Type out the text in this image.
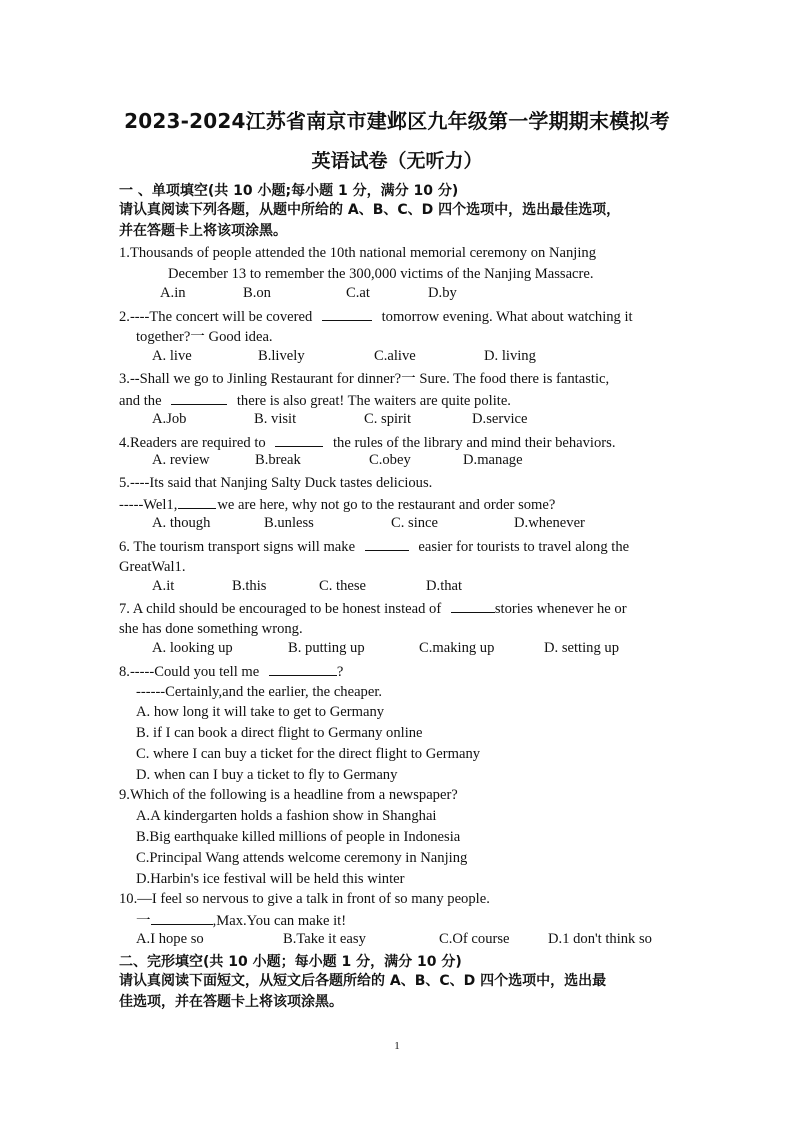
2023-2024江苏省南京市建邺区九年级第一学期期末模拟考
英语试卷（无听力）
一 、单项填空(共 10 小题;每小题 1 分，满分 10 分)
请认真阅读下列各题，从题中所给的 A、B、C、D 四个选项中，选出最佳选项，
并在答题卡上将该项涂黑。
1.Thousands of people attended the 10th national memorial ceremony on Nanjing
December 13 to remember the 300,000 victims of the Nanjing Massacre.
A.in	B.on	C.at	D.by
2.----The concert will be covered	tomorrow evening. What about watching it
together?一 Good idea.
A. live	B.lively	C.alive	D. living
3.--Shall we go to Jinling Restaurant for dinner?一 Sure. The food there is fantastic,
and the	there is also great! The waiters are quite polite.
A.Job	B. visit	C. spirit	D.service
4.Readers are required to	the rules of the library and mind their behaviors.
A. review	B.break	C.obey	D.manage
5.----Its said that Nanjing Salty Duck tastes delicious.
-----Wel1,	we are here, why not go to the restaurant and order some?
A. though	B.unless	C. since	D.whenever
6. The tourism transport signs will make	easier for tourists to travel along the
GreatWal1.
A.it	B.this	C. these	D.that
7. A child should be encouraged to be honest instead of	stories whenever he or
she has done something wrong.
A. looking up	B. putting up	C.making up	D. setting up
8.-----Could you tell me	?
------Certainly,and the earlier, the cheaper.
A. how long it will take to get to Germany
B. if I can book a direct flight to Germany online
C. where I can buy a ticket for the direct flight to Germany
D. when can I buy a ticket to fly to Germany
9.Which of the following is a headline from a newspaper?
A.A kindergarten holds a fashion show in Shanghai
B.Big earthquake killed millions of people in Indonesia
C.Principal Wang attends welcome ceremony in Nanjing
D.Harbin's ice festival will be held this winter
10.—I feel so nervous to give a talk in front of so many people.
一	,Max.You can make it!
A.I hope so	B.Take it easy	C.Of course	D.1 don't think so
二、完形填空(共 10 小题；每小题 1 分，满分 10 分)
请认真阅读下面短文，从短文后各题所给的 A、B、C、D 四个选项中，选出最
佳选项，并在答题卡上将该项涂黑。
1
